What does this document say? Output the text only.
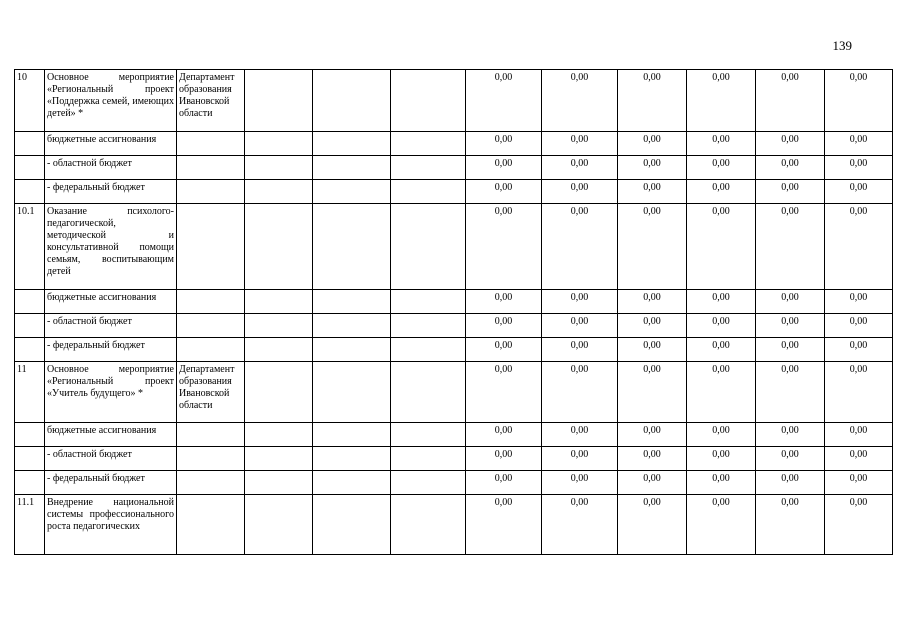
139
10	Основное мероприятие «Региональный проект «Поддержка семей, имеющих детей» *	Департамент образования Ивановской области				0,00	0,00	0,00	0,00	0,00	0,00
	бюджетные ассигнования					0,00	0,00	0,00	0,00	0,00	0,00
	- областной бюджет					0,00	0,00	0,00	0,00	0,00	0,00
	- федеральный бюджет					0,00	0,00	0,00	0,00	0,00	0,00
10.1	Оказание психолого-педагогической, методической и консультативной помощи семьям, воспитывающим детей					0,00	0,00	0,00	0,00	0,00	0,00
	бюджетные ассигнования					0,00	0,00	0,00	0,00	0,00	0,00
	- областной бюджет					0,00	0,00	0,00	0,00	0,00	0,00
	- федеральный бюджет					0,00	0,00	0,00	0,00	0,00	0,00
11	Основное мероприятие «Региональный проект «Учитель будущего» *	Департамент образования Ивановской области				0,00	0,00	0,00	0,00	0,00	0,00
	бюджетные ассигнования					0,00	0,00	0,00	0,00	0,00	0,00
	- областной бюджет					0,00	0,00	0,00	0,00	0,00	0,00
	- федеральный бюджет					0,00	0,00	0,00	0,00	0,00	0,00
11.1	Внедрение национальной системы профессионального роста педагогических					0,00	0,00	0,00	0,00	0,00	0,00
